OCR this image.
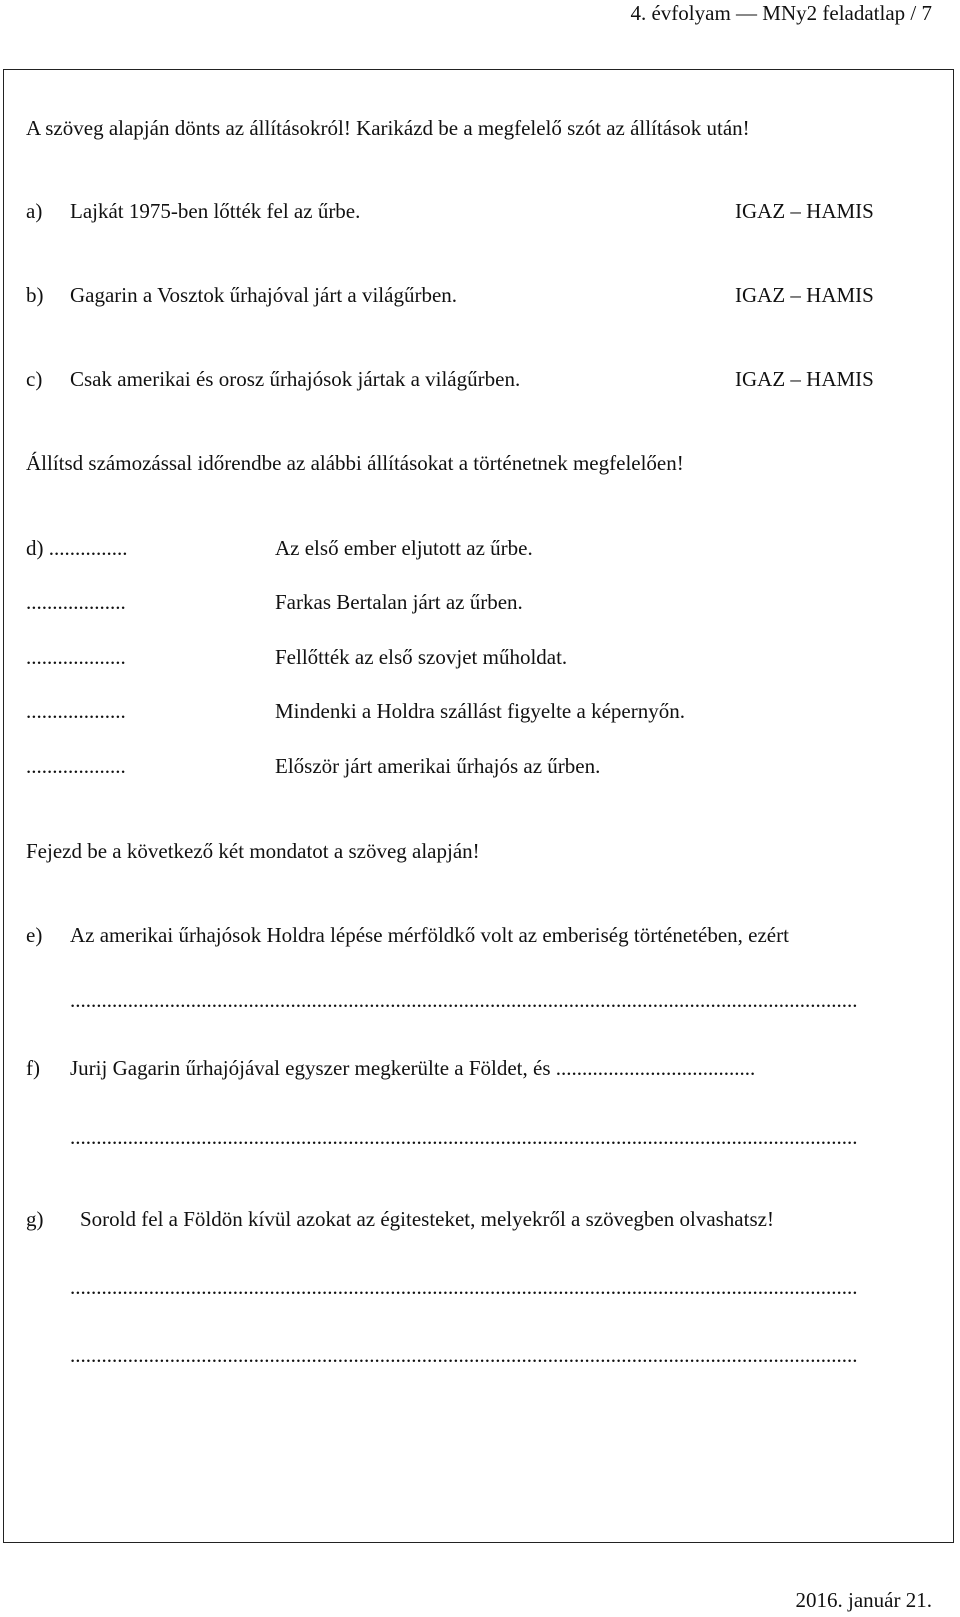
4. évfolyam — MNy2 feladatlap / 7
A szöveg alapján dönts az állításokról! Karikázd be a megfelelő szót az állítások után!
a) Lajkát 1975-ben lőtték fel az űrbe.	IGAZ – HAMIS
b) Gagarin a Vosztok űrhajóval járt a világűrben.	IGAZ – HAMIS
c) Csak amerikai és orosz űrhajósok jártak a világűrben.	IGAZ – HAMIS
Állítsd számozással időrendbe az alábbi állításokat a történetnek megfelelően!
d) ...............	Az első ember eljutott az űrbe.
...................	Farkas Bertalan járt az űrben.
...................	Fellőtték az első szovjet műholdat.
...................	Mindenki a Holdra szállást figyelte a képernyőn.
...................	Először járt amerikai űrhajós az űrben.
Fejezd be a következő két mondatot a szöveg alapján!
e) Az amerikai űrhajósok Holdra lépése mérföldkő volt az emberiség történetében, ezért
......................................................................................................................................................
f) Jurij Gagarin űrhajójával egyszer megkerülte a Földet, és ......................................
......................................................................................................................................................
g) Sorold fel a Földön kívül azokat az égitesteket, melyekről a szövegben olvashatsz!
......................................................................................................................................................
......................................................................................................................................................
2016. január 21.
